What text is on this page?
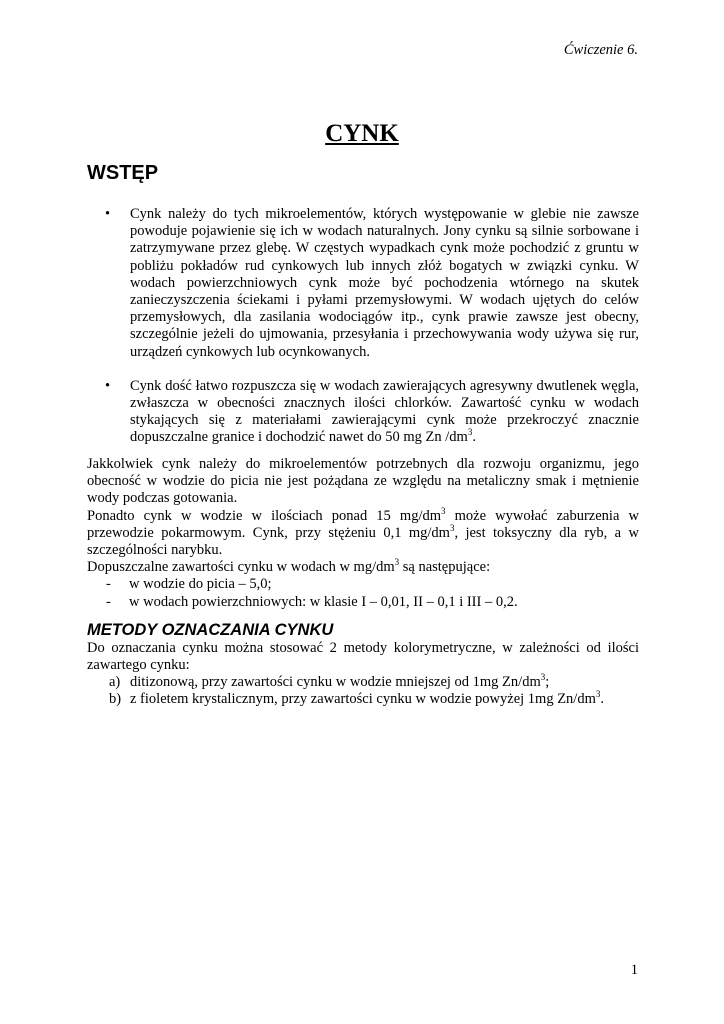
Ćwiczenie 6.
CYNK
WSTĘP
• Cynk należy do tych mikroelementów, których występowanie w glebie nie zawsze powoduje pojawienie się ich w wodach naturalnych. Jony cynku są silnie sorbowane i zatrzymywane przez glebę. W częstych wypadkach cynk może pochodzić z gruntu w pobliżu pokładów rud cynkowych lub innych złóż bogatych w związki cynku. W wodach powierzchniowych cynk może być pochodzenia wtórnego na skutek zanieczyszczenia ściekami i pyłami przemysłowymi. W wodach ujętych do celów przemysłowych, dla zasilania wodociągów itp., cynk prawie zawsze jest obecny, szczególnie jeżeli do ujmowania, przesyłania i przechowywania wody używa się rur, urządzeń cynkowych lub ocynkowanych.
• Cynk dość łatwo rozpuszcza się w wodach zawierających agresywny dwutlenek węgla, zwłaszcza w obecności znacznych ilości chlorków. Zawartość cynku w wodach stykających się z materiałami zawierającymi cynk może przekroczyć znacznie dopuszczalne granice i dochodzić nawet do 50 mg Zn $/dm^3$.
Jakkolwiek cynk należy do mikroelementów potrzebnych dla rozwoju organizmu, jego obecność w wodzie do picia nie jest pożądana ze względu na metaliczny smak i mętnienie wody podczas gotowania.
Ponadto cynk w wodzie w ilościach ponad 15 $mg/dm^3$ może wywołać zaburzenia w przewodzie pokarmowym. Cynk, przy stężeniu 0,1 $mg/dm^3$, jest toksyczny dla ryb, a w szczególności narybku.
Dopuszczalne zawartości cynku w wodach w $mg/dm^3$ są następujące:
- w wodzie do picia – 5,0;
- w wodach powierzchniowych: w klasie I – 0,01, II – 0,1 i III – 0,2.
METODY OZNACZANIA CYNKU
Do oznaczania cynku można stosować 2 metody kolorymetryczne, w zależności od ilości zawartego cynku:
a) ditizonową, przy zawartości cynku w wodzie mniejszej od 1mg $Zn/dm^3$;
b) z fioletem krystalicznym, przy zawartości cynku w wodzie powyżej 1mg $Zn/dm^3$.
1
